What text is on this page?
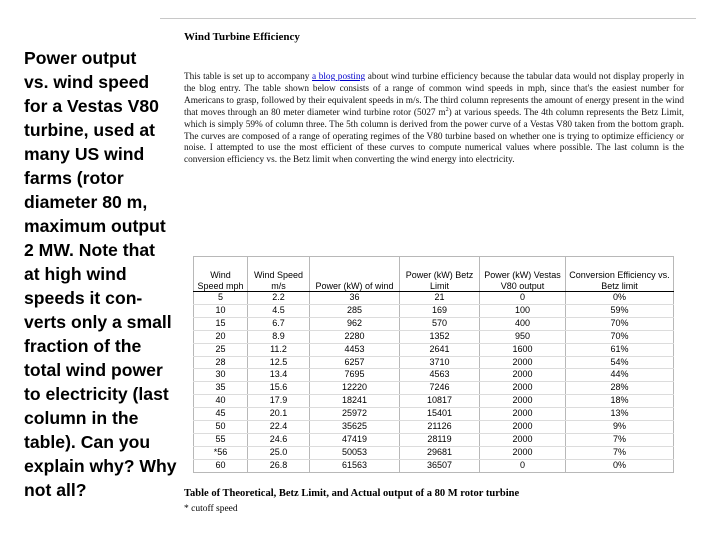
Power output
vs. wind speed
for a Vestas V80
turbine, used at
many US wind
farms (rotor
diameter 80 m,
maximum output
2 MW. Note that
at high wind
speeds it con-
verts only a small
fraction of the
total wind power
to electricity (last
column in the
table). Can you
explain why? Why
not all?
Wind Turbine Efficiency
This table is set up to accompany a blog posting about wind turbine efficiency because the tabular data would not display properly in the blog entry. The table shown below consists of a range of common wind speeds in mph, since that's the easiest number for Americans to grasp, followed by their equivalent speeds in m/s. The third column represents the amount of energy present in the wind that moves through an 80 meter diameter wind turbine rotor (5027 $m^2$) at various speeds. The 4th column represents the Betz Limit, which is simply 59% of column three. The 5th column is derived from the power curve of a Vestas V80 taken from the bottom graph. The curves are composed of a range of operating regimes of the V80 turbine based on whether one is trying to optimize efficiency or noise. I attempted to use the most efficient of these curves to compute numerical values where possible. The last column is the conversion efficiency vs. the Betz limit when converting the wind energy into electricity.
Wind Speed mph	Wind Speed m/s	Power (kW) of wind	Power (kW) Betz Limit	Power (kW) Vestas V80 output	Conversion Efficiency vs. Betz limit
5	2.2	36	21	0	0%
10	4.5	285	169	100	59%
15	6.7	962	570	400	70%
20	8.9	2280	1352	950	70%
25	11.2	4453	2641	1600	61%
28	12.5	6257	3710	2000	54%
30	13.4	7695	4563	2000	44%
35	15.6	12220	7246	2000	28%
40	17.9	18241	10817	2000	18%
45	20.1	25972	15401	2000	13%
50	22.4	35625	21126	2000	9%
55	24.6	47419	28119	2000	7%
*56	25.0	50053	29681	2000	7%
60	26.8	61563	36507	0	0%
Table of Theoretical, Betz Limit, and Actual output of a 80 M rotor turbine
* cutoff speed
